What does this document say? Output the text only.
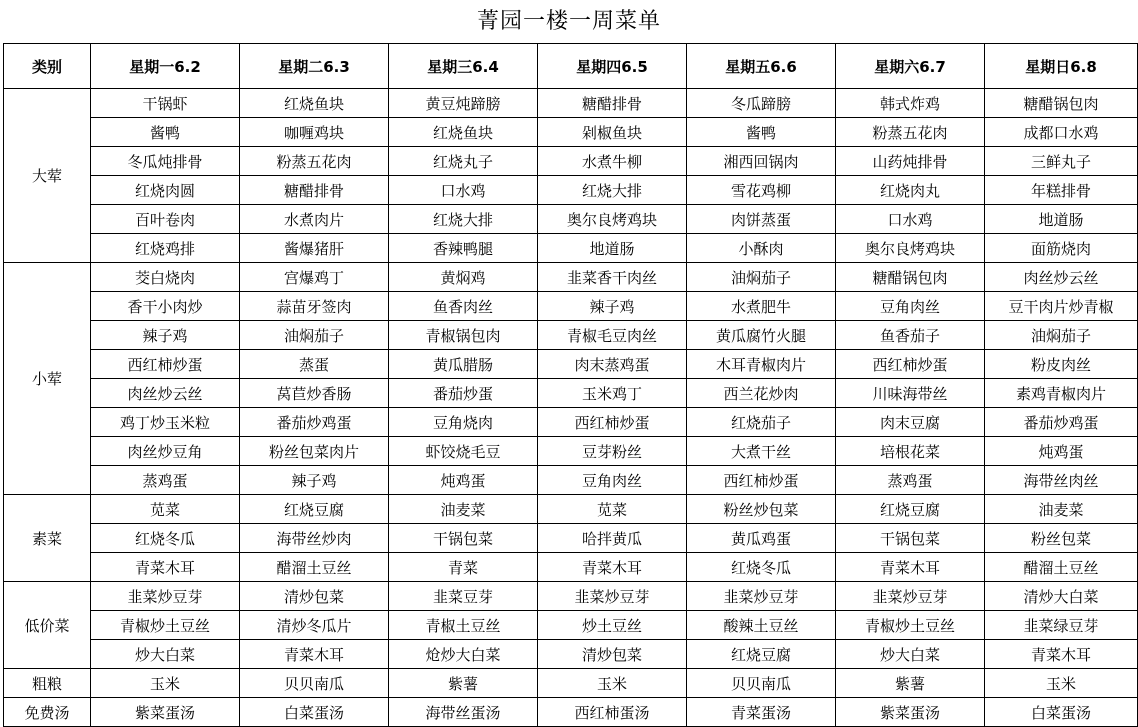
菁园一楼一周菜单
类别	星期一6.2	星期二6.3	星期三6.4	星期四6.5	星期五6.6	星期六6.7	星期日6.8
大荤	干锅虾	红烧鱼块	黄豆炖蹄膀	糖醋排骨	冬瓜蹄膀	韩式炸鸡	糖醋锅包肉
	酱鸭	咖喱鸡块	红烧鱼块	剁椒鱼块	酱鸭	粉蒸五花肉	成都口水鸡
	冬瓜炖排骨	粉蒸五花肉	红烧丸子	水煮牛柳	湘西回锅肉	山药炖排骨	三鲜丸子
	红烧肉圆	糖醋排骨	口水鸡	红烧大排	雪花鸡柳	红烧肉丸	年糕排骨
	百叶卷肉	水煮肉片	红烧大排	奥尔良烤鸡块	肉饼蒸蛋	口水鸡	地道肠
	红烧鸡排	酱爆猪肝	香辣鸭腿	地道肠	小酥肉	奥尔良烤鸡块	面筋烧肉
小荤	茭白烧肉	宫爆鸡丁	黄焖鸡	韭菜香干肉丝	油焖茄子	糖醋锅包肉	肉丝炒云丝
	香干小肉炒	蒜苗牙签肉	鱼香肉丝	辣子鸡	水煮肥牛	豆角肉丝	豆干肉片炒青椒
	辣子鸡	油焖茄子	青椒锅包肉	青椒毛豆肉丝	黄瓜腐竹火腿	鱼香茄子	油焖茄子
	西红柿炒蛋	蒸蛋	黄瓜腊肠	肉末蒸鸡蛋	木耳青椒肉片	西红柿炒蛋	粉皮肉丝
	肉丝炒云丝	莴苣炒香肠	番茄炒蛋	玉米鸡丁	西兰花炒肉	川味海带丝	素鸡青椒肉片
	鸡丁炒玉米粒	番茄炒鸡蛋	豆角烧肉	西红柿炒蛋	红烧茄子	肉末豆腐	番茄炒鸡蛋
	肉丝炒豆角	粉丝包菜肉片	虾饺烧毛豆	豆芽粉丝	大煮干丝	培根花菜	炖鸡蛋
	蒸鸡蛋	辣子鸡	炖鸡蛋	豆角肉丝	西红柿炒蛋	蒸鸡蛋	海带丝肉丝
素菜	苋菜	红烧豆腐	油麦菜	苋菜	粉丝炒包菜	红烧豆腐	油麦菜
	红烧冬瓜	海带丝炒肉	干锅包菜	哈拌黄瓜	黄瓜鸡蛋	干锅包菜	粉丝包菜
	青菜木耳	醋溜土豆丝	青菜	青菜木耳	红烧冬瓜	青菜木耳	醋溜土豆丝
低价菜	韭菜炒豆芽	清炒包菜	韭菜豆芽	韭菜炒豆芽	韭菜炒豆芽	韭菜炒豆芽	清炒大白菜
	青椒炒土豆丝	清炒冬瓜片	青椒土豆丝	炒土豆丝	酸辣土豆丝	青椒炒土豆丝	韭菜绿豆芽
	炒大白菜	青菜木耳	炝炒大白菜	清炒包菜	红烧豆腐	炒大白菜	青菜木耳
粗粮	玉米	贝贝南瓜	紫薯	玉米	贝贝南瓜	紫薯	玉米
免费汤	紫菜蛋汤	白菜蛋汤	海带丝蛋汤	西红柿蛋汤	青菜蛋汤	紫菜蛋汤	白菜蛋汤
